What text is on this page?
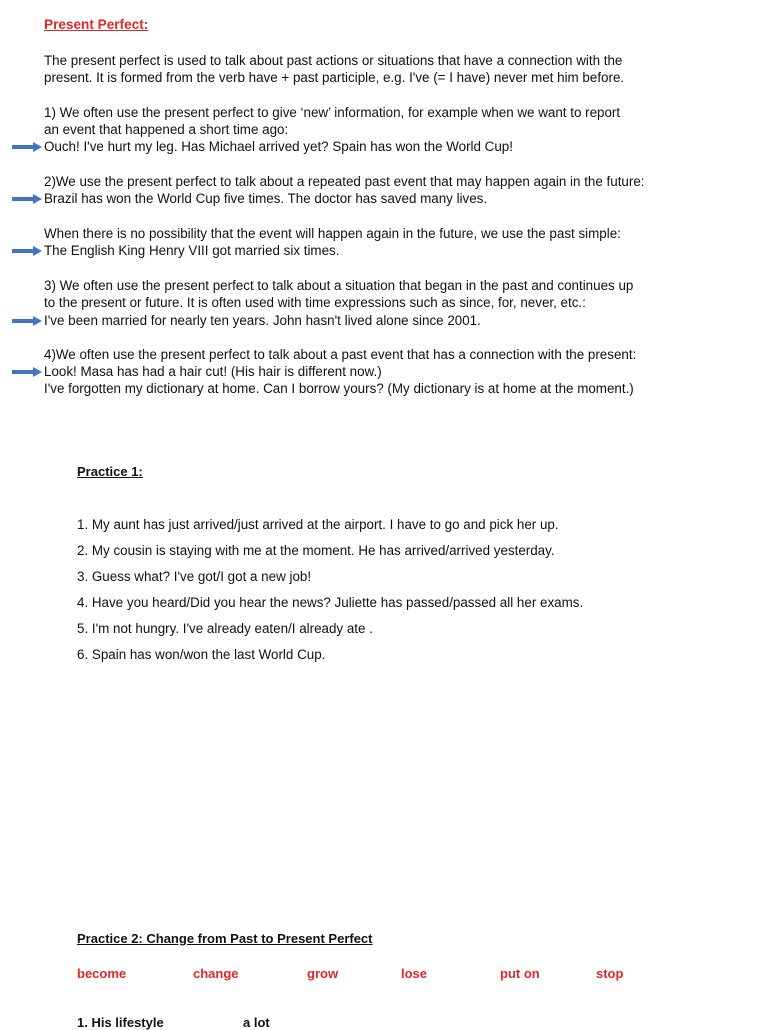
Present Perfect:
The present perfect is used to talk about past actions or situations that have a connection with the
present. It is formed from the verb have + past participle, e.g. I've (= I have) never met him before.
1) We often use the present perfect to give ‘new’ information, for example when we want to report
an event that happened a short time ago:
Ouch! I've hurt my leg. Has Michael arrived yet? Spain has won the World Cup!
2)We use the present perfect to talk about a repeated past event that may happen again in the future:
Brazil has won the World Cup five times. The doctor has saved many lives.
When there is no possibility that the event will happen again in the future, we use the past simple:
The English King Henry VIII got married six times.
3) We often use the present perfect to talk about a situation that began in the past and continues up
to the present or future. It is often used with time expressions such as since, for, never, etc.:
I've been married for nearly ten years. John hasn't lived alone since 2001.
4)We often use the present perfect to talk about a past event that has a connection with the present:
Look! Masa has had a hair cut! (His hair is different now.)
I've forgotten my dictionary at home. Can I borrow yours? (My dictionary is at home at the moment.)
Practice 1:
1. My aunt has just arrived/just arrived at the airport. I have to go and pick her up.
2. My cousin is staying with me at the moment. He has arrived/arrived yesterday.
3. Guess what? I've got/I got a new job!
4. Have you heard/Did you hear the news? Juliette has passed/passed all her exams.
5. I'm not hungry. I've already eaten/I already ate .
6. Spain has won/won the last World Cup.
Practice 2: Change from Past to Present Perfect
become	change	grow	lose	put on	stop
1. His lifestyle	a lot
